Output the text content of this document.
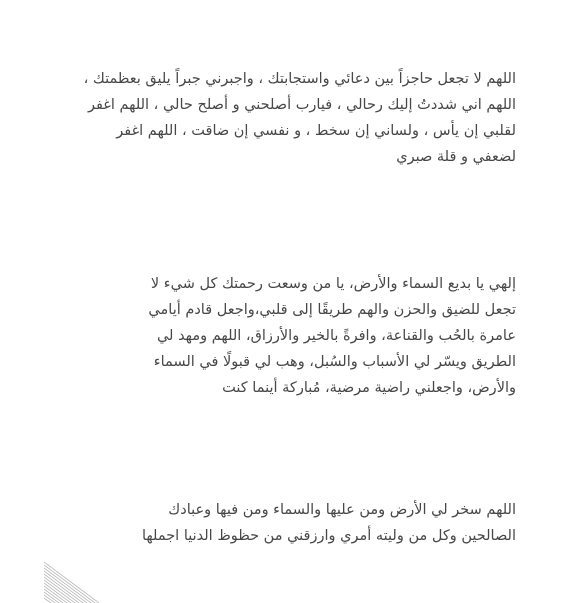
اللهم لا تجعل حاجزاً بين دعائي واستجابتك ، واجبرني جبراً يليق بعظمتك ،
اللهم اني شددتُ إليك رحالي ، فيارب أصلحني و أصلح حالي ، اللهم اغفر
لقلبي إن يأس ، ولساني إن سخط ، و نفسي إن ضاقت ، اللهم اغفر
لضعفي و قلة صبري

إلهي يا بديع السماء والأرض، يا من وسعت رحمتك كل شيء لا
تجعل للضيق والحزن والهم طريقًا إلى قلبي،واجعل قادم أيامي
عامرة بالحُب والقناعة، وافرةً بالخير والأرزاق، اللهم ومهد لي
الطريق ويسّر لي الأسباب والسُبل، وهب لي قبولًا في السماء
والأرض، واجعلني راضية مرضية، مُباركة أينما كنت

اللهم سخر لي الأرض ومن عليها والسماء ومن فيها وعبادك
الصالحين وكل من وليته أمري وارزقني من حظوظ الدنيا اجملها
